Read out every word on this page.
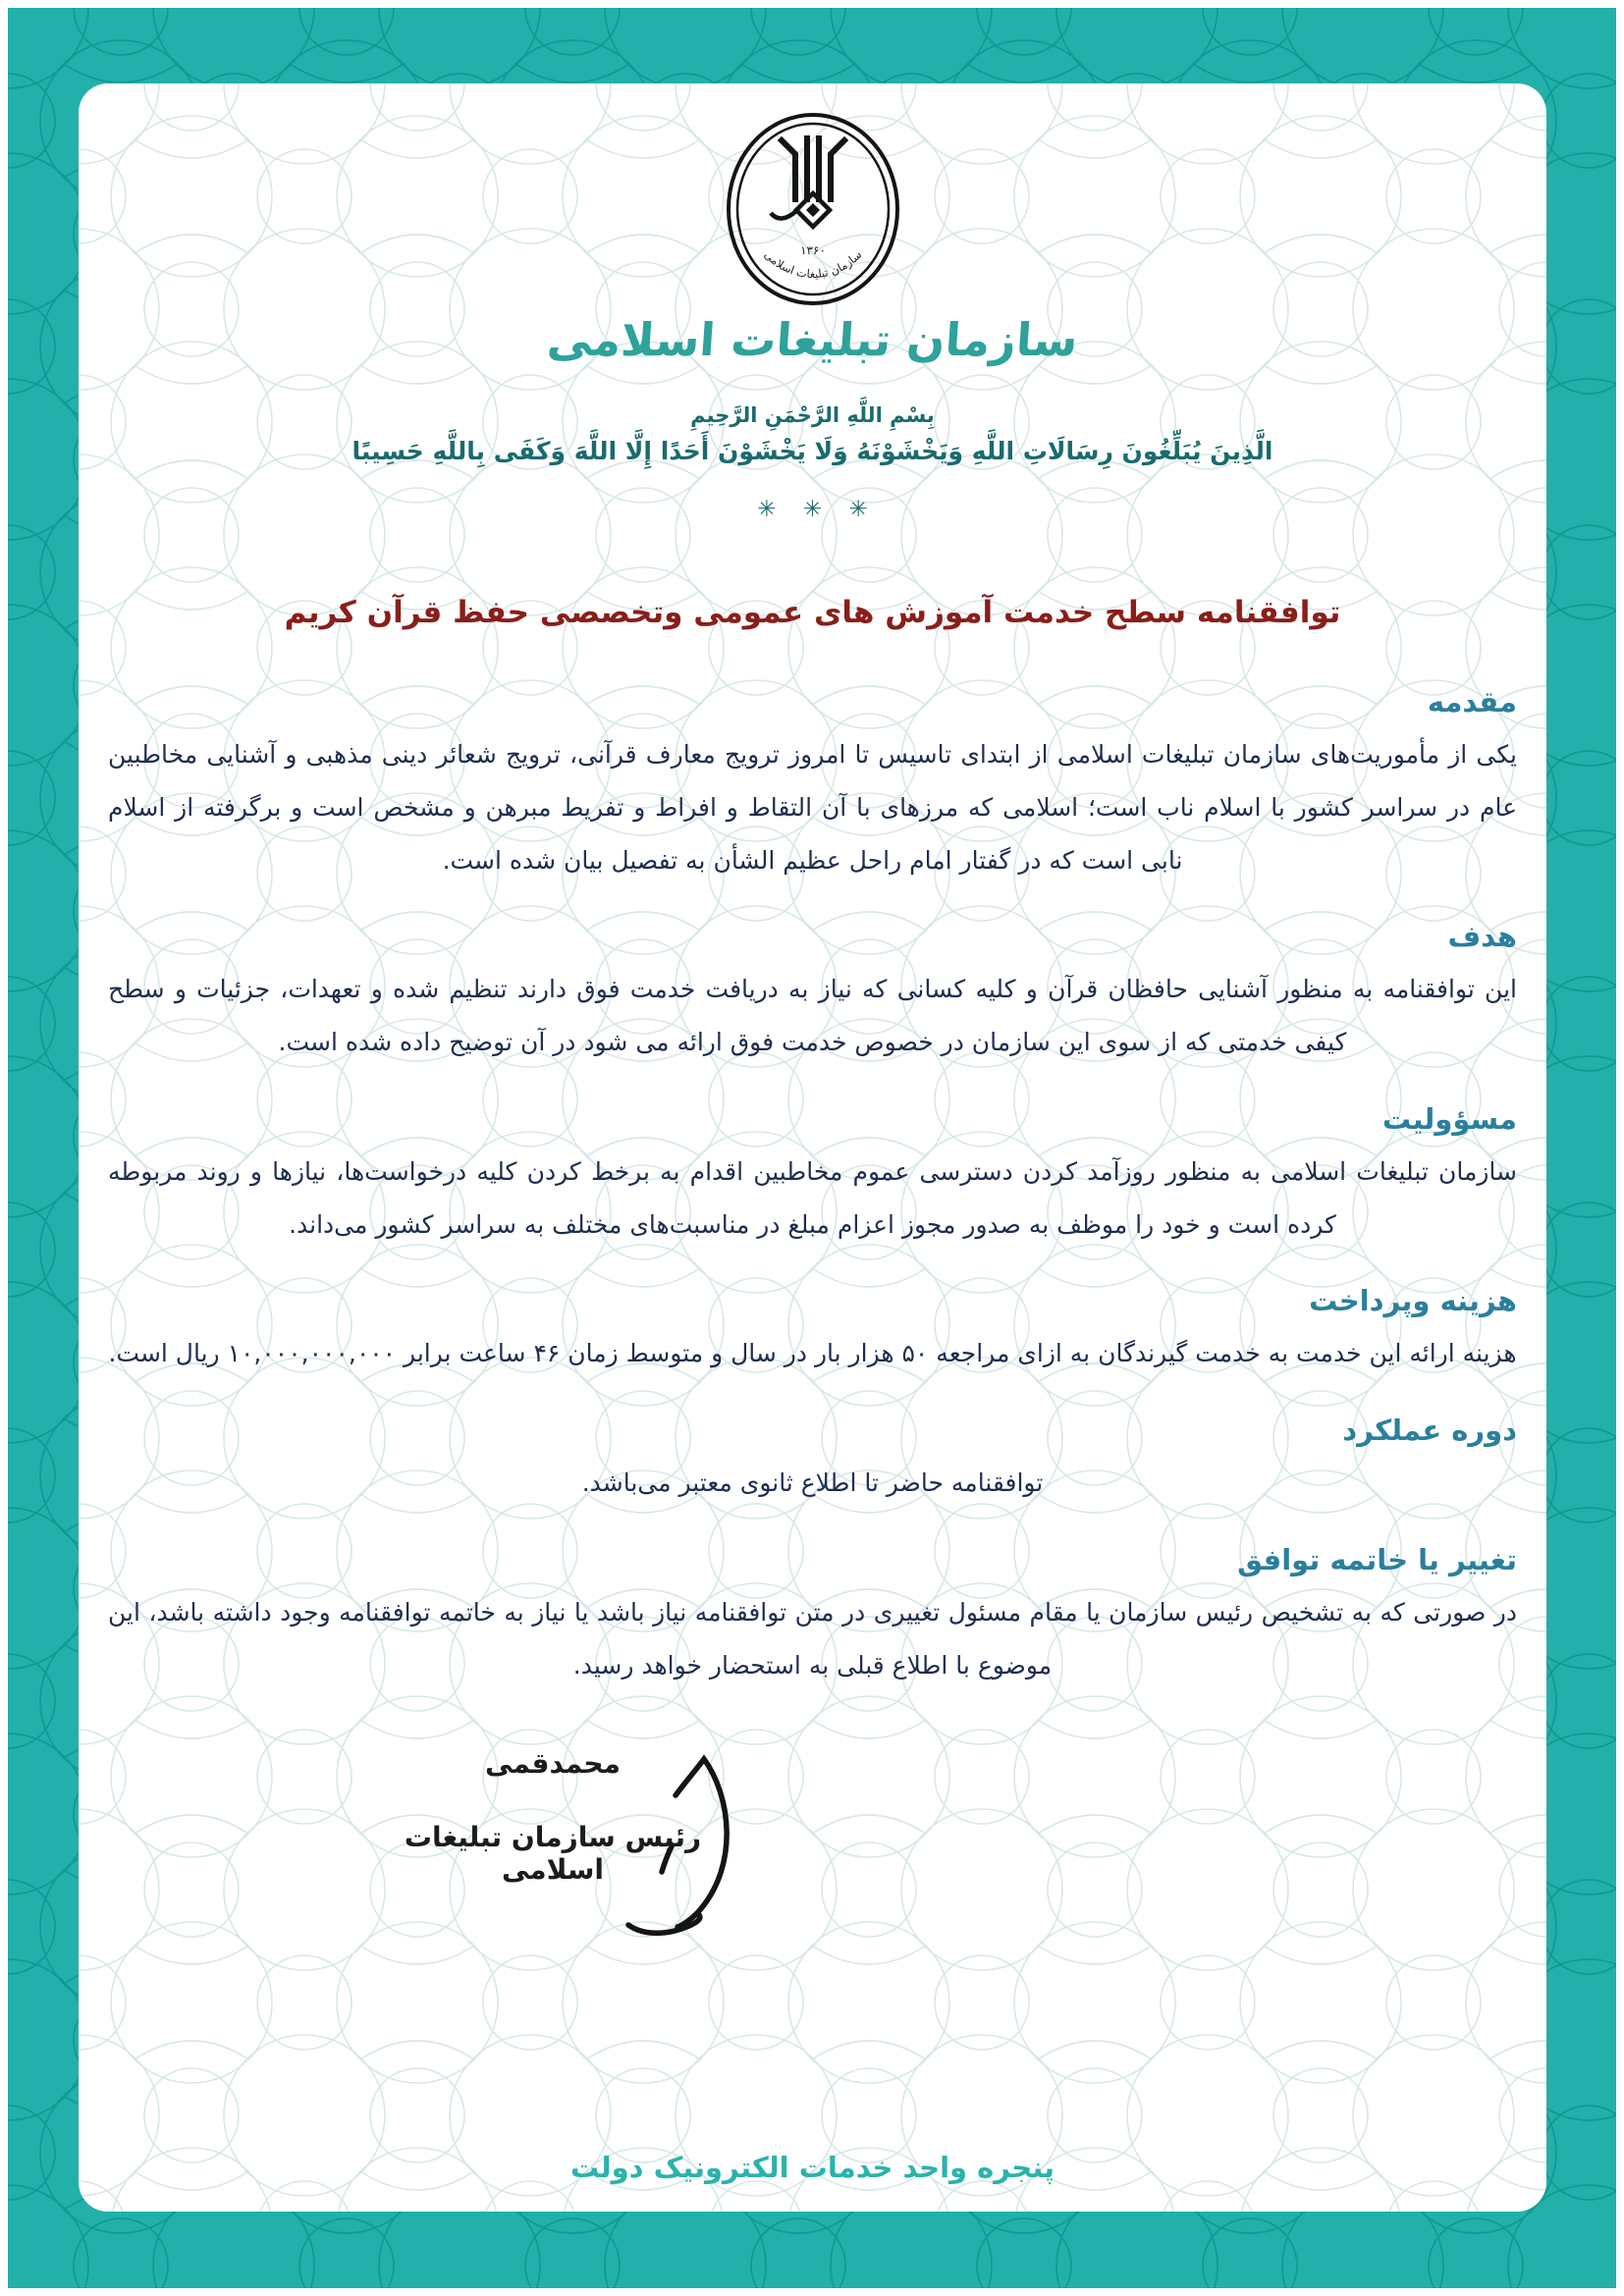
۱۳۶۰
سازمان تبلیغات اسلامی
سازمان تبلیغات اسلامی
بِسْمِ اللَّهِ الرَّحْمَنِ الرَّحِيمِ
الَّذِينَ يُبَلِّغُونَ رِسَالَاتِ اللَّهِ وَيَخْشَوْنَهُ وَلَا يَخْشَوْنَ أَحَدًا إِلَّا اللَّهَ وَكَفَى بِاللَّهِ حَسِيبًا
✳ ✳ ✳
توافقنامه سطح خدمت آموزش های عمومی وتخصصی حفظ قرآن کریم
مقدمه

یکی از مأموریت‌های سازمان تبلیغات اسلامی از ابتدای تاسیس تا امروز ترویج معارف قرآنی، ترویج شعائر دینی مذهبی و آشنایی مخاطبین عام در سراسر کشور با اسلام ناب است؛ اسلامی که مرزهای با آن التقاط و افراط و تفریط مبرهن و مشخص است و برگرفته از اسلام نابی است که در گفتار امام راحل عظیم الشأن به تفصیل بیان شده است.

هدف

این توافقنامه به منظور آشنایی حافظان قرآن و کلیه کسانی که نیاز به دریافت خدمت فوق دارند تنظیم شده و تعهدات، جزئیات و سطح کیفی خدمتی که از سوی این سازمان در خصوص خدمت فوق ارائه می شود در آن توضیح داده شده است.

مسؤولیت

سازمان تبلیغات اسلامی به منظور روزآمد کردن دسترسی عموم مخاطبین اقدام به برخط کردن کلیه درخواست‌ها، نیازها و روند مربوطه کرده است و خود را موظف به صدور مجوز اعزام مبلغ در مناسبت‌های مختلف به سراسر کشور می‌داند.

هزینه وپرداخت

هزینه ارائه این خدمت به خدمت گیرندگان به ازای مراجعه ۵۰ هزار بار در سال و متوسط زمان ۴۶ ساعت برابر ۱۰,۰۰۰,۰۰۰,۰۰۰ ریال است.

دوره عملکرد

توافقنامه حاضر تا اطلاع ثانوی معتبر می‌باشد.

تغییر یا خاتمه توافق

در صورتی که به تشخیص رئیس سازمان یا مقام مسئول تغییری در متن توافقنامه نیاز باشد یا نیاز به خاتمه توافقنامه وجود داشته باشد، این موضوع با اطلاع قبلی به استحضار خواهد رسید.

محمدقمی
رئیس سازمان تبلیغات اسلامی
پنجره واحد خدمات الکترونیک دولت
